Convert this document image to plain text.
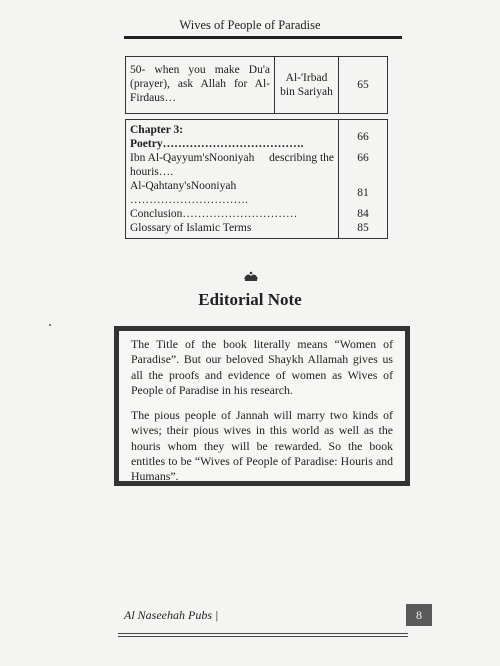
Wives of People of Paradise
50- when you make Du'a (prayer), ask Allah for Al-Firdaus…	Al-'Irbad bin Sariyah	65

Chapter 3: Poetry……………………………….		66

Ibn Al-Qayyum'sNooniyah describing the
houris….		66
Al-Qahtany'sNooniyah ………………………….		81
Conclusion…………………………		84
Glossary of Islamic Terms		85
Editorial Note

The Title of the book literally means “Women of Paradise”. But our beloved Shaykh Allamah gives us all the proofs and evidence of women as Wives of People of Paradise in his research.

The pious people of Jannah will marry two kinds of wives; their pious wives in this world as well as the houris whom they will be rewarded. So the book entitles to be “Wives of People of Paradise: Houris and Humans”.

Al Naseehah Pubs |	8
